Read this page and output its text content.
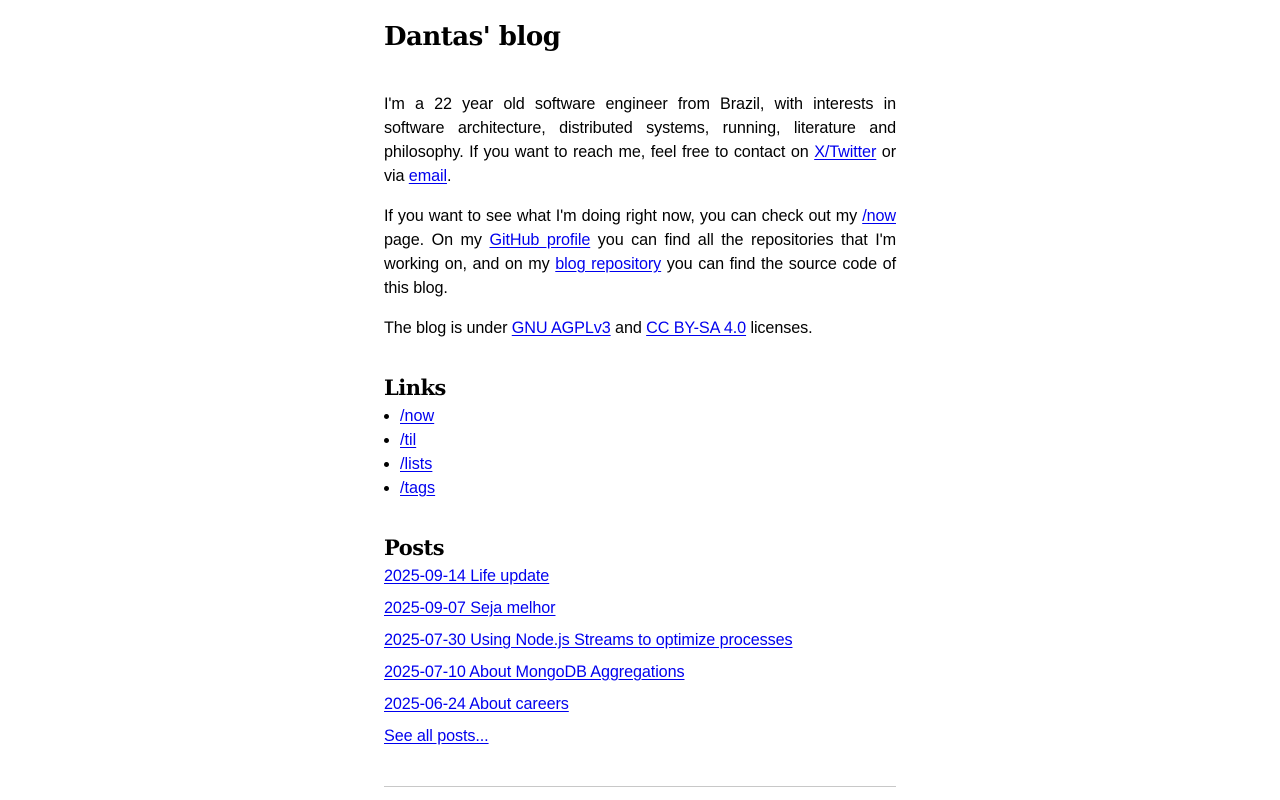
Dantas' blog

I'm a 22 year old software engineer from Brazil, with interests in software architecture, distributed systems, running, literature and philosophy. If you want to reach me, feel free to contact on X/Twitter or via email.

If you want to see what I'm doing right now, you can check out my /now page. On my GitHub profile you can find all the repositories that I'm working on, and on my blog repository you can find the source code of this blog.

The blog is under GNU AGPLv3 and CC BY-SA 4.0 licenses.

Links
• /now
• /til
• /lists
• /tags
Posts
2025-09-14 Life update
2025-09-07 Seja melhor
2025-07-30 Using Node.js Streams to optimize processes
2025-07-10 About MongoDB Aggregations
2025-06-24 About careers
See all posts...
